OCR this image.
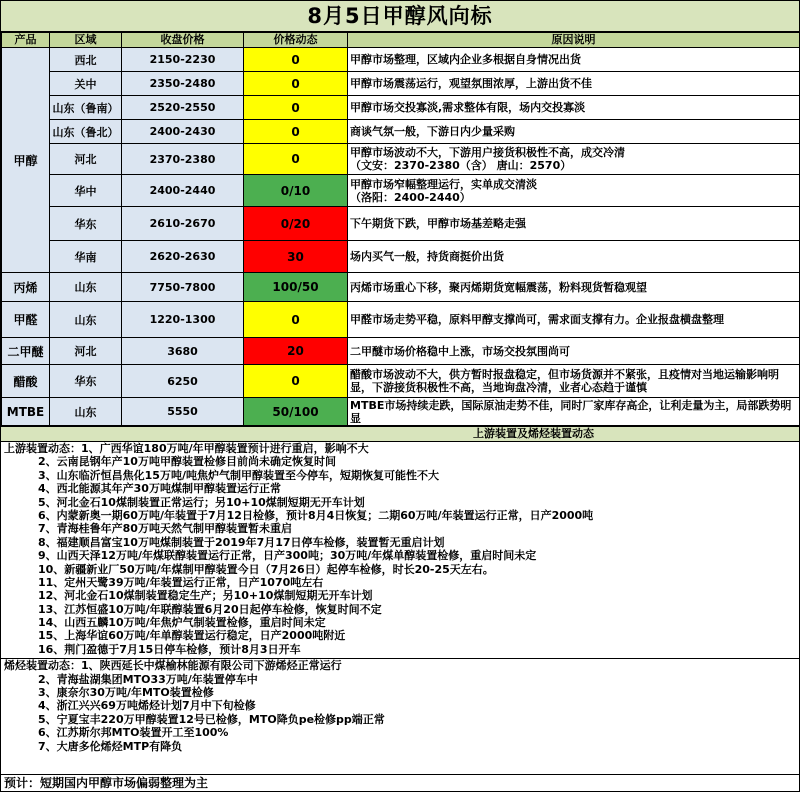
8月5日甲醇风向标
产品	区域	收盘价格	价格动态	原因说明
甲醇	西北	2150-2230	0	甲醇市场整理，区域内企业多根据自身情况出货
	关中	2350-2480	0	甲醇市场震荡运行，观望氛围浓厚，上游出货不佳
	山东（鲁南）	2520-2550	0	甲醇市场交投寡淡,需求整体有限，场内交投寡淡
	山东（鲁北）	2400-2430	0	商谈气氛一般，下游日内少量采购
	河北	2370-2380	0	甲醇市场波动不大，下游用户接货积极性不高，成交冷清
（文安：2370-2380（含） 唐山：2570）
	华中	2400-2440	0/10	甲醇市场窄幅整理运行，实单成交清淡
（洛阳：2400-2440）
	华东	2610-2670	0/20	下午期货下跌，甲醇市场基差略走强
	华南	2620-2630	30	场内买气一般，持货商挺价出货
丙烯	山东	7750-7800	100/50	丙烯市场重心下移，聚丙烯期货宽幅震荡，粉料现货暂稳观望
甲醛	山东	1220-1300	0	甲醛市场走势平稳，原料甲醇支撑尚可，需求面支撑有力。企业报盘横盘整理
二甲醚	河北	3680	20	二甲醚市场价格稳中上涨，市场交投氛围尚可
醋酸	华东	6250	0	醋酸市场波动不大，供方暂时报盘稳定，但市场货源并不紧张，且疫情对当地运输影响明显，下游接货积极性不高，当地询盘冷清，业者心态趋于谨慎
MTBE	山东	5550	50/100	MTBE市场持续走跌，国际原油走势不佳，同时厂家库存高企，让利走量为主，局部跌势明显
上游装置及烯烃装置动态
上游装置动态：1、广西华谊180万吨/年甲醇装置预计进行重启，影响不大
2、云南昆钢年产10万吨甲醇装置检修目前尚未确定恢复时间
3、山东临沂恒昌焦化15万吨/吨焦炉气制甲醇装置至今停车，短期恢复可能性不大
4、西北能源其年产30万吨煤制甲醇装置运行正常
5、河北金石10煤制装置正常运行；另10+10煤制短期无开车计划
6、内蒙新奥一期60万吨/年装置于7月12日检修，预计8月4日恢复；二期60万吨/年装置运行正常，日产2000吨
7、青海桂鲁年产80万吨天然气制甲醇装置暂未重启
8、福建顺昌富宝10万吨煤制装置于2019年7月17日停车检修，装置暂无重启计划
9、山西天泽12万吨/年煤联醇装置运行正常，日产300吨；30万吨/年煤单醇装置检修，重启时间未定
10、新疆新业厂50万吨/年煤制甲醇装置今日（7月26日）起停车检修，时长20-25天左右。
11、定州天鹭39万吨/年装置运行正常，日产1070吨左右
12、河北金石10煤制装置稳定生产；另10+10煤制短期无开车计划
13、江苏恒盛10万吨/年联醇装置6月20日起停车检修，恢复时间不定
14、山西五麟10万吨/年焦炉气制装置检修，重启时间未定
15、上海华谊60万吨/年单醇装置运行稳定，日产2000吨附近
16、荆门盈德于7月15日停车检修，预计8月3日开车
烯烃装置动态：1、陕西延长中煤榆林能源有限公司下游烯烃正常运行
2、青海盐湖集团MTO33万吨/年装置停车中
3、康奈尔30万吨/年MTO装置检修
4、浙江兴兴69万吨烯烃计划7月中下旬检修
5、宁夏宝丰220万甲醇装置12号已检修，MTO降负pe检修pp端正常
6、江苏斯尔邦MTO装置开工至100%
7、大唐多伦烯烃MTP有降负
预计：短期国内甲醇市场偏弱整理为主
